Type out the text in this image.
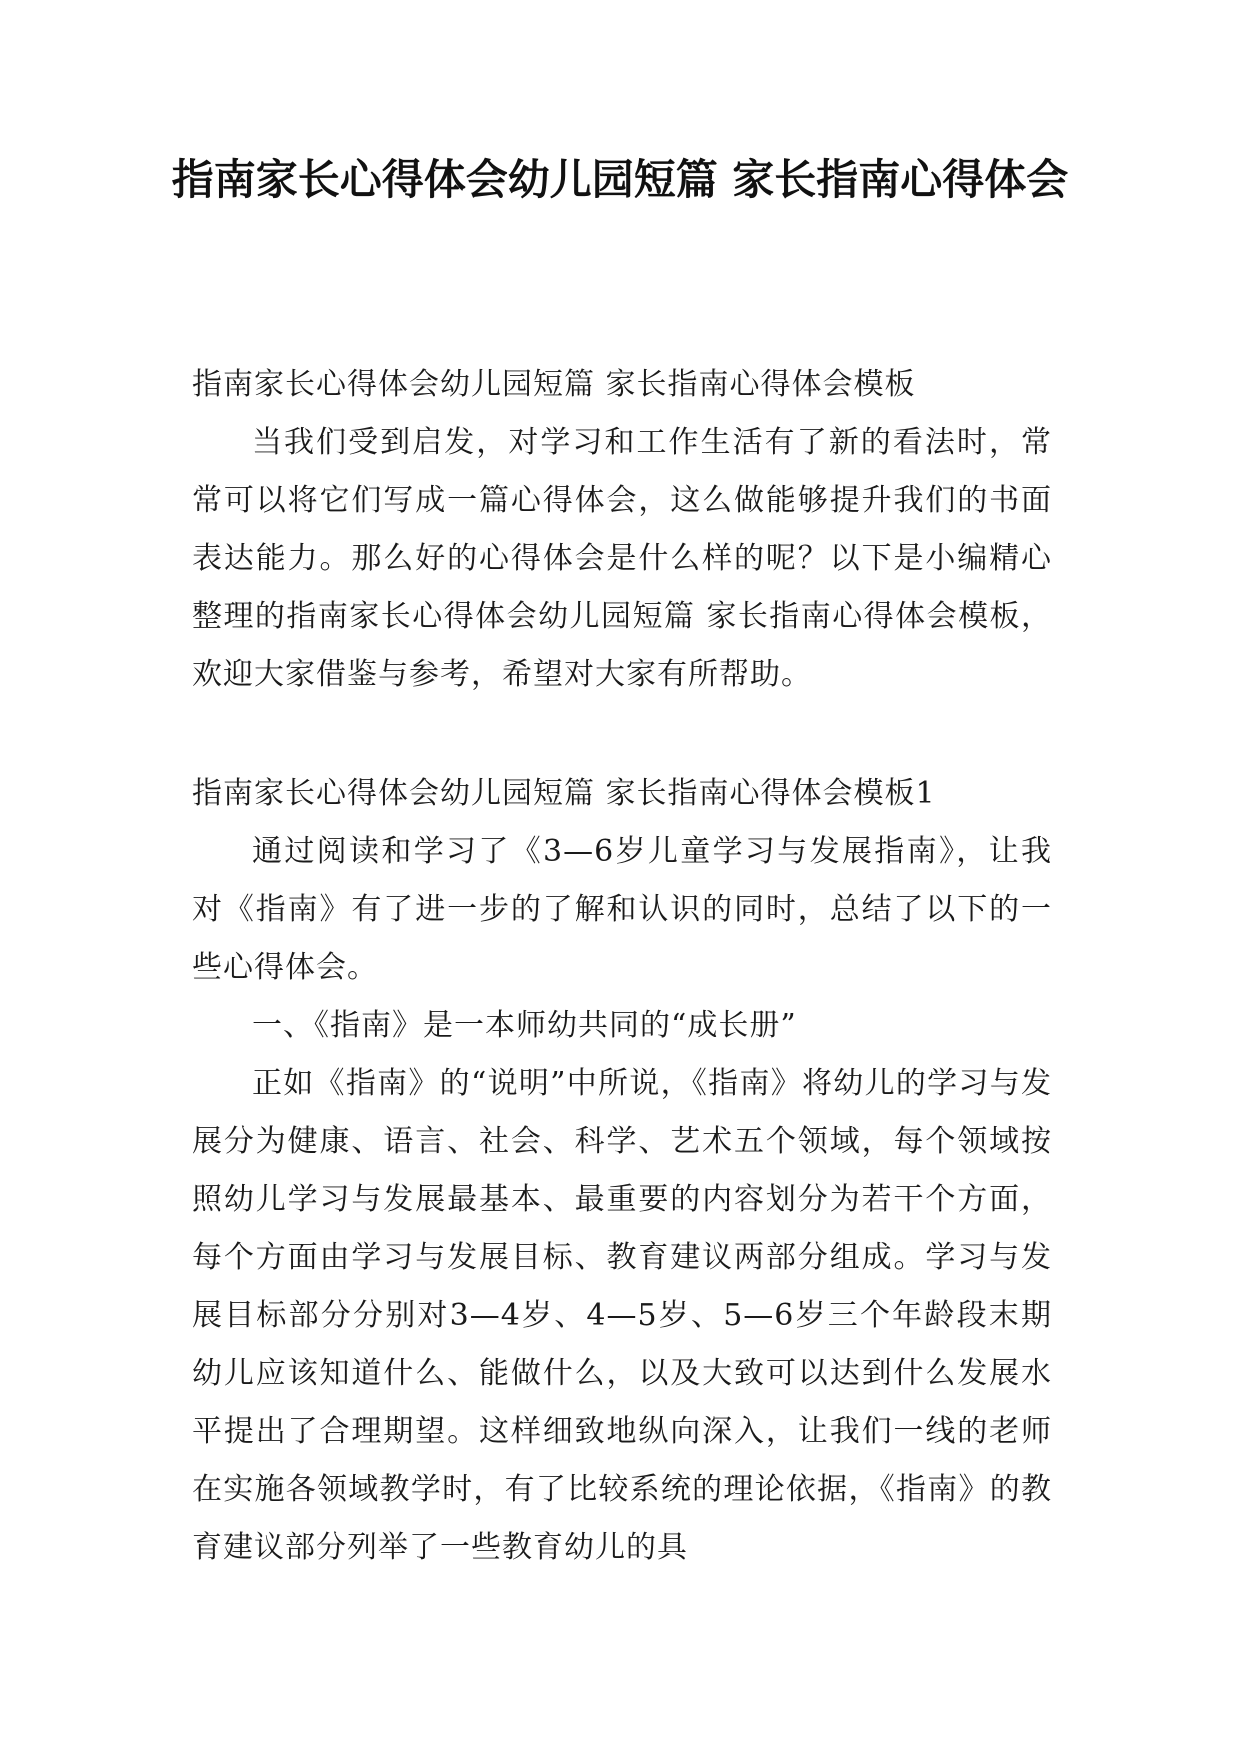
指南家长心得体会幼儿园短篇 家长指南心得体会

指南家长心得体会幼儿园短篇 家长指南心得体会模板

当我们受到启发，对学习和工作生活有了新的看法时，常常可以将它们写成一篇心得体会，这么做能够提升我们的书面表达能力。那么好的心得体会是什么样的呢？以下是小编精心整理的指南家长心得体会幼儿园短篇 家长指南心得体会模板，欢迎大家借鉴与参考，希望对大家有所帮助。

指南家长心得体会幼儿园短篇 家长指南心得体会模板1

通过阅读和学习了《3—6岁儿童学习与发展指南》，让我对《指南》有了进一步的了解和认识的同时，总结了以下的一些心得体会。

一、《指南》是一本师幼共同的“成长册”

正如《指南》的“说明”中所说，《指南》将幼儿的学习与发展分为健康、语言、社会、科学、艺术五个领域，每个领域按照幼儿学习与发展最基本、最重要的内容划分为若干个方面，每个方面由学习与发展目标、教育建议两部分组成。学习与发展目标部分分别对3—4岁、4—5岁、5—6岁三个年龄段末期幼儿应该知道什么、能做什么，以及大致可以达到什么发展水平提出了合理期望。这样细致地纵向深入，让我们一线的老师在实施各领域教学时，有了比较系统的理论依据，《指南》的教育建议部分列举了一些教育幼儿的具
